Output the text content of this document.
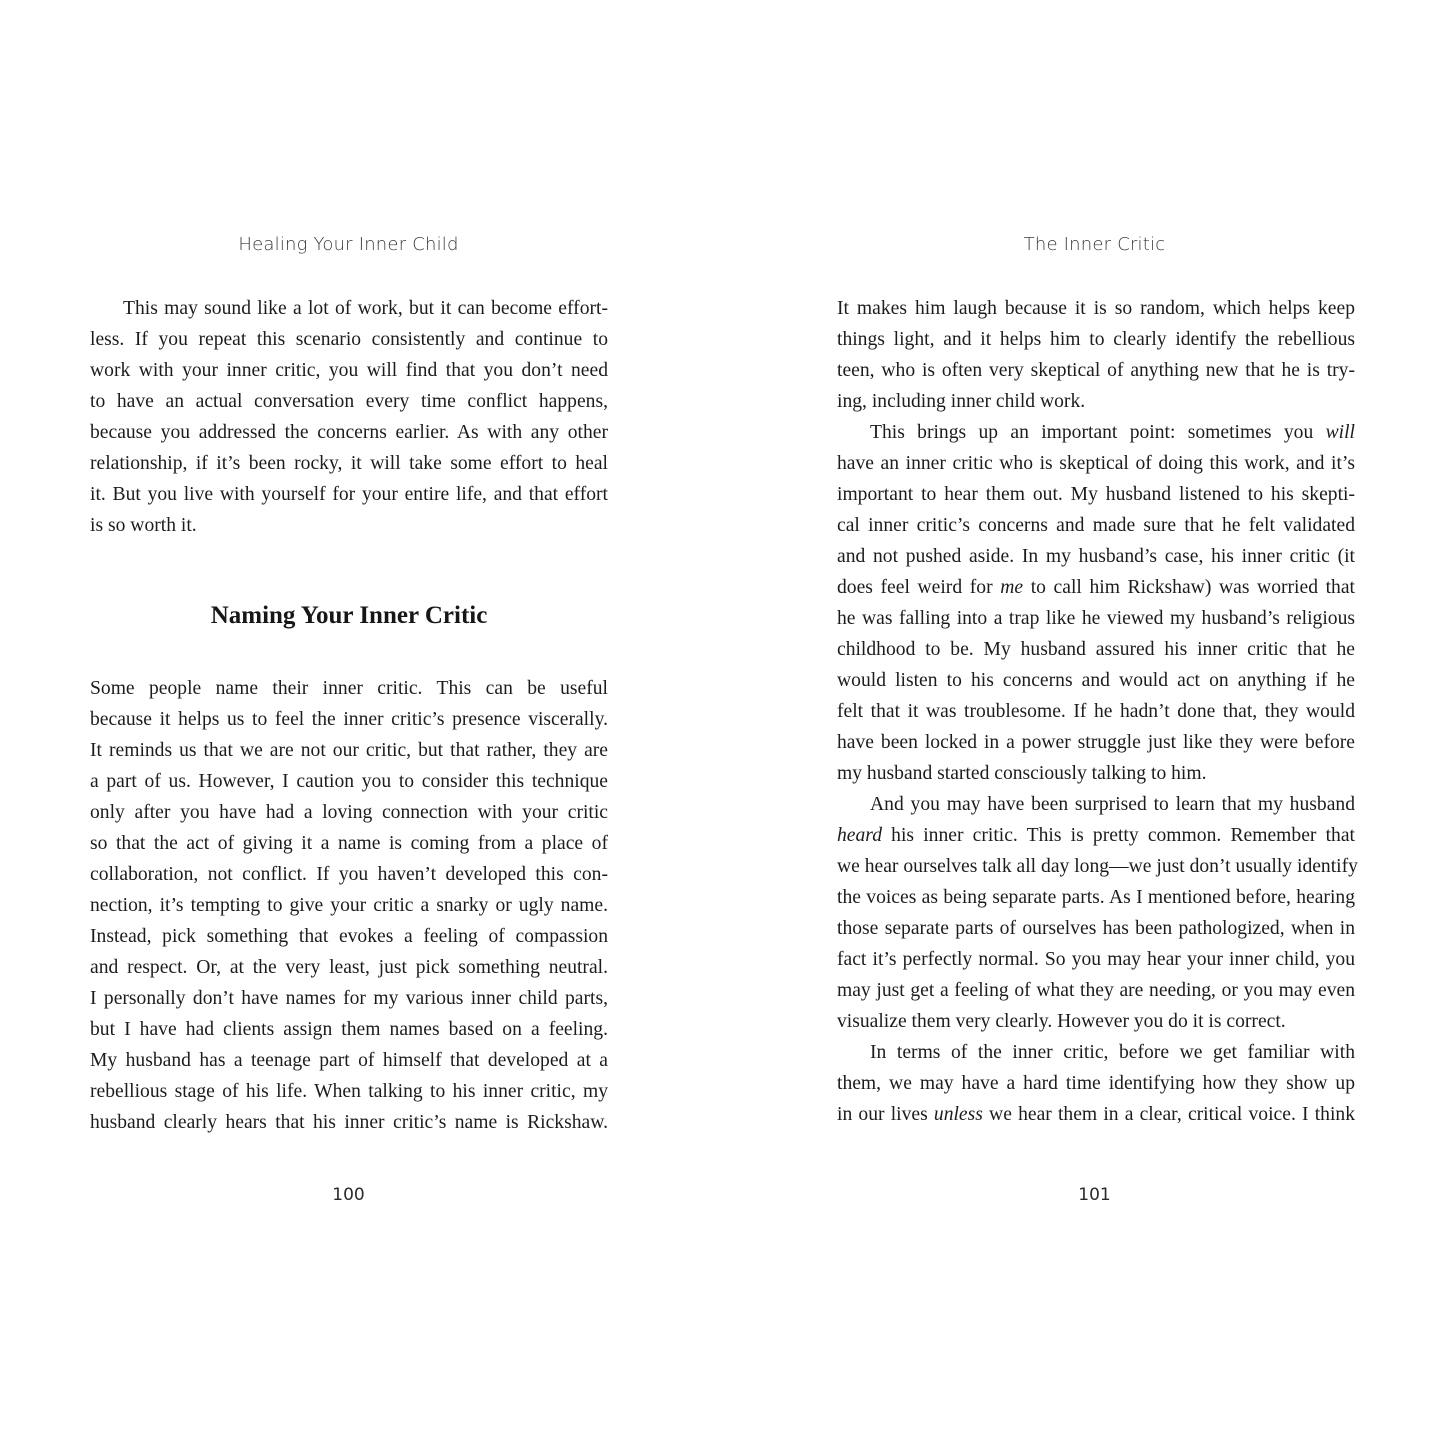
Healing Your Inner Child
This may sound like a lot of work, but it can become effort-
less. If you repeat this scenario consistently and continue to
work with your inner critic, you will find that you don’t need
to have an actual conversation every time conflict happens,
because you addressed the concerns earlier. As with any other
relationship, if it’s been rocky, it will take some effort to heal
it. But you live with yourself for your entire life, and that effort
is so worth it.
Naming Your Inner Critic
Some people name their inner critic. This can be useful
because it helps us to feel the inner critic’s presence viscerally.
It reminds us that we are not our critic, but that rather, they are
a part of us. However, I caution you to consider this technique
only after you have had a loving connection with your critic
so that the act of giving it a name is coming from a place of
collaboration, not conflict. If you haven’t developed this con-
nection, it’s tempting to give your critic a snarky or ugly name.
Instead, pick something that evokes a feeling of compassion
and respect. Or, at the very least, just pick something neutral.
I personally don’t have names for my various inner child parts,
but I have had clients assign them names based on a feeling.
My husband has a teenage part of himself that developed at a
rebellious stage of his life. When talking to his inner critic, my
husband clearly hears that his inner critic’s name is Rickshaw.
100
The Inner Critic
It makes him laugh because it is so random, which helps keep
things light, and it helps him to clearly identify the rebellious
teen, who is often very skeptical of anything new that he is try-
ing, including inner child work.
This brings up an important point: sometimes you will
have an inner critic who is skeptical of doing this work, and it’s
important to hear them out. My husband listened to his skepti-
cal inner critic’s concerns and made sure that he felt validated
and not pushed aside. In my husband’s case, his inner critic (it
does feel weird for me to call him Rickshaw) was worried that
he was falling into a trap like he viewed my husband’s religious
childhood to be. My husband assured his inner critic that he
would listen to his concerns and would act on anything if he
felt that it was troublesome. If he hadn’t done that, they would
have been locked in a power struggle just like they were before
my husband started consciously talking to him.
And you may have been surprised to learn that my husband
heard his inner critic. This is pretty common. Remember that
we hear ourselves talk all day long—we just don’t usually identify
the voices as being separate parts. As I mentioned before, hearing
those separate parts of ourselves has been pathologized, when in
fact it’s perfectly normal. So you may hear your inner child, you
may just get a feeling of what they are needing, or you may even
visualize them very clearly. However you do it is correct.
In terms of the inner critic, before we get familiar with
them, we may have a hard time identifying how they show up
in our lives unless we hear them in a clear, critical voice. I think
101
